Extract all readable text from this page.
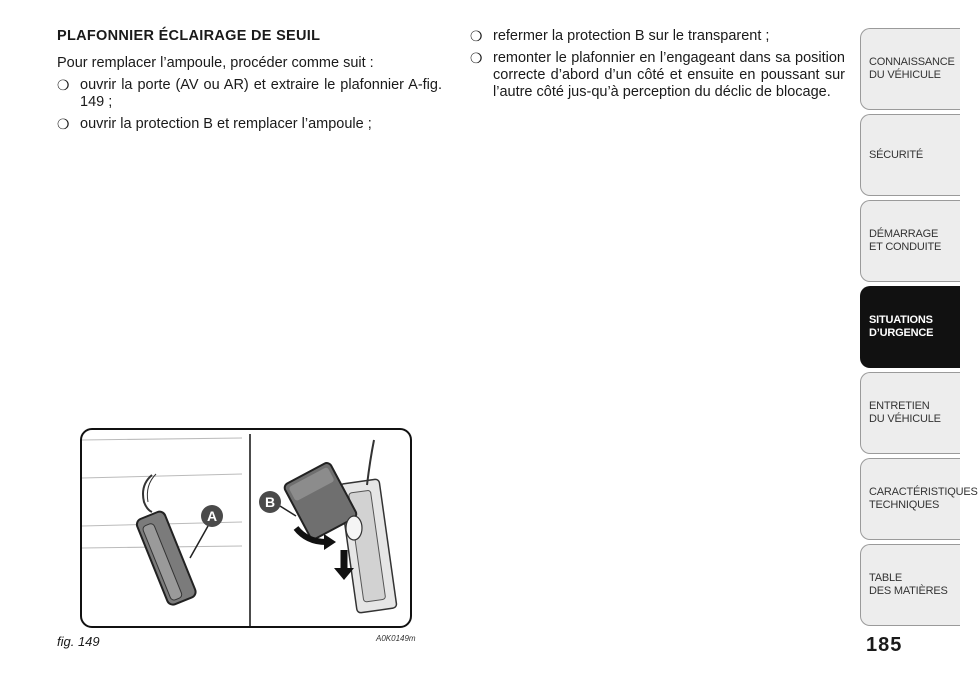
PLAFONNIER ÉCLAIRAGE DE SEUIL
Pour remplacer l’ampoule, procéder comme suit :
❍ ouvrir la porte (AV ou AR) et extraire le plafonnier A-fig. 149 ;
❍ ouvrir la protection B et remplacer l’ampoule ;
❍ refermer la protection B sur le transparent ;
❍ remonter le plafonnier en l’engageant dans sa position correcte d’abord d’un côté et ensuite en poussant sur l’autre côté jus-qu’à perception du déclic de blocage.
A
B
fig. 149	A0K0149m	185
CONNAISSANCE
DU VÉHICULE
SÉCURITÉ
DÉMARRAGE
ET CONDUITE
SITUATIONS
D’URGENCE
ENTRETIEN
DU VÉHICULE
CARACTÉRISTIQUES
TECHNIQUES
TABLE
DES MATIÈRES
